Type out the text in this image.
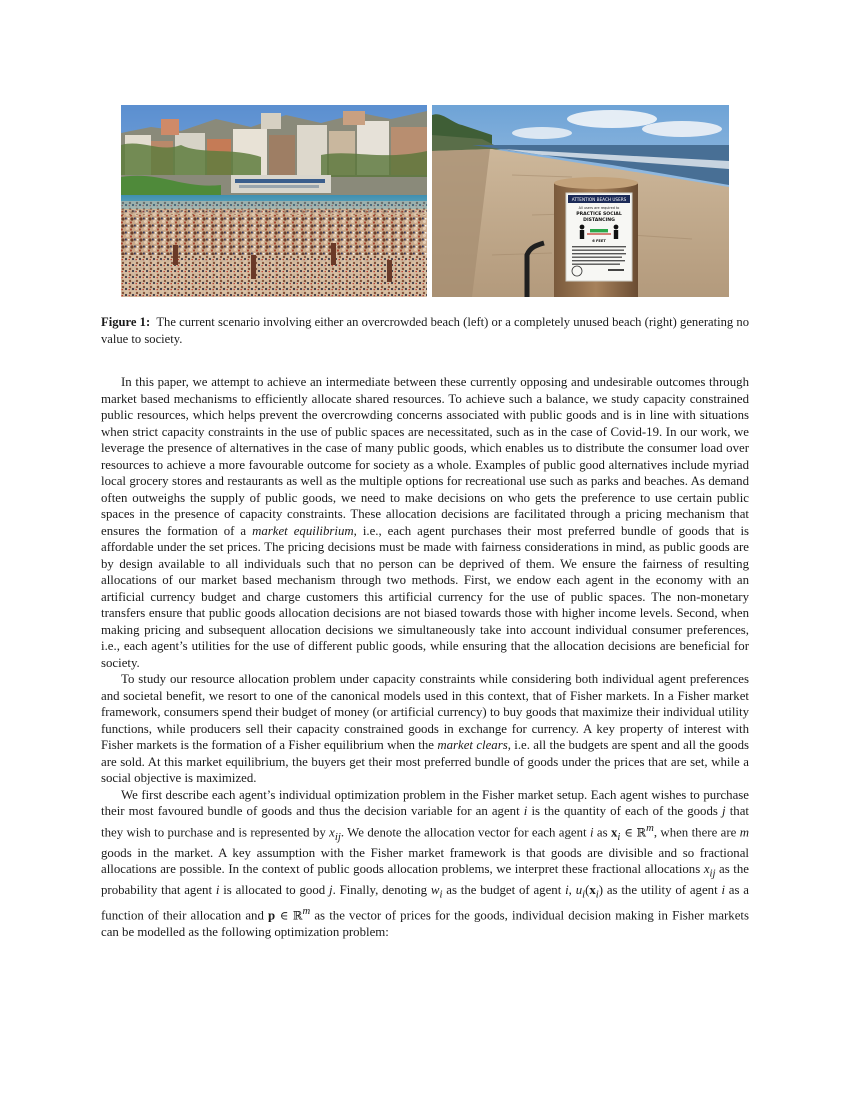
ATTENTION BEACH USERS
All users are required to
PRACTICE SOCIAL
DISTANCING
6 FEET

Figure 1: The current scenario involving either an overcrowded beach (left) or a completely unused beach (right) generating no value to society.

In this paper, we attempt to achieve an intermediate between these currently opposing and undesirable outcomes through market based mechanisms to efficiently allocate shared resources. To achieve such a balance, we study capacity constrained public resources, which helps prevent the overcrowding concerns associated with public goods and is in line with situations when strict capacity constraints in the use of public spaces are necessitated, such as in the case of Covid-19. In our work, we leverage the presence of alternatives in the case of many public goods, which enables us to distribute the consumer load over resources to achieve a more favourable outcome for society as a whole. Examples of public good alternatives include myriad local grocery stores and restaurants as well as the multiple options for recreational use such as parks and beaches. As demand often outweighs the supply of public goods, we need to make decisions on who gets the preference to use certain public spaces in the presence of capacity constraints. These allocation decisions are facilitated through a pricing mechanism that ensures the formation of a market equilibrium, i.e., each agent purchases their most preferred bundle of goods that is affordable under the set prices. The pricing decisions must be made with fairness considerations in mind, as public goods are by design available to all individuals such that no person can be deprived of them. We ensure the fairness of resulting allocations of our market based mechanism through two methods. First, we endow each agent in the economy with an artificial currency budget and charge customers this artificial currency for the use of public spaces. The non-monetary transfers ensure that public goods allocation decisions are not biased towards those with higher income levels. Second, when making pricing and subsequent allocation decisions we simultaneously take into account individual consumer preferences, i.e., each agent’s utilities for the use of different public goods, while ensuring that the allocation decisions are beneficial for society.

To study our resource allocation problem under capacity constraints while considering both individual agent preferences and societal benefit, we resort to one of the canonical models used in this context, that of Fisher markets. In a Fisher market framework, consumers spend their budget of money (or artificial currency) to buy goods that maximize their individual utility functions, while producers sell their capacity constrained goods in exchange for currency. A key property of interest with Fisher markets is the formation of a Fisher equilibrium when the market clears, i.e. all the budgets are spent and all the goods are sold. At this market equilibrium, the buyers get their most preferred bundle of goods under the prices that are set, while a social objective is maximized.

We first describe each agent’s individual optimization problem in the Fisher market setup. Each agent wishes to purchase their most favoured bundle of goods and thus the decision variable for an agent i is the quantity of each of the goods j that they wish to purchase and is represented by $x_{ij}$. We denote the allocation vector for each agent i as $x_i$ ∈ ℝ$^m$, when there are m goods in the market. A key assumption with the Fisher market framework is that goods are divisible and so fractional allocations are possible. In the context of public goods allocation problems, we interpret these fractional allocations $x_{ij}$ as the probability that agent i is allocated to good j. Finally, denoting $w_i$ as the budget of agent i, $u_i(x_i)$ as the utility of agent i as a function of their allocation and p ∈ ℝ$^m$ as the vector of prices for the goods, individual decision making in Fisher markets can be modelled as the following optimization problem:
